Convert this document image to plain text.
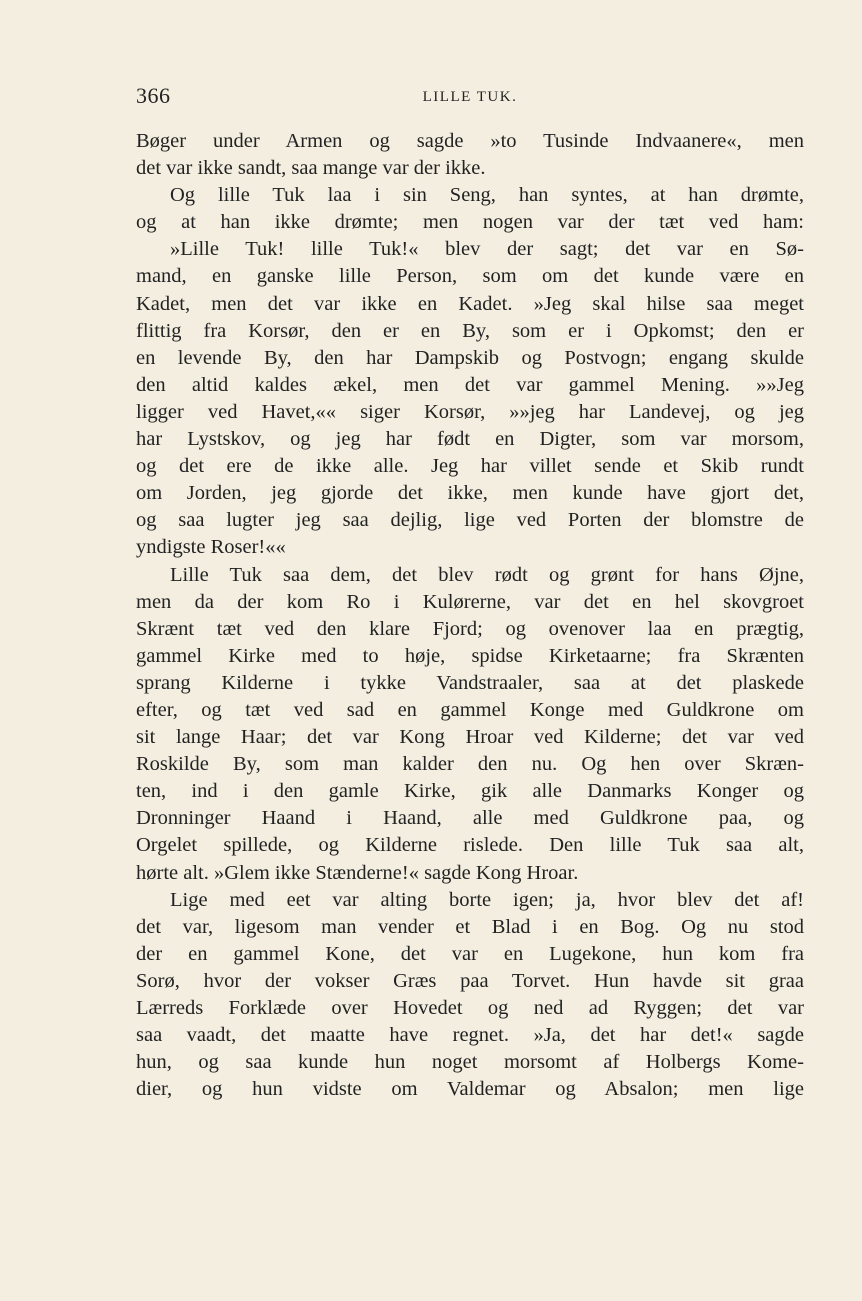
366	LILLE TUK.
Bøger under Armen og sagde »to Tusinde Indvaanere«, men
det var ikke sandt, saa mange var der ikke.
Og lille Tuk laa i sin Seng, han syntes, at han drømte,
og at han ikke drømte; men nogen var der tæt ved ham:
»Lille Tuk! lille Tuk!« blev der sagt; det var en Sø-
mand, en ganske lille Person, som om det kunde være en
Kadet, men det var ikke en Kadet. »Jeg skal hilse saa meget
flittig fra Korsør, den er en By, som er i Opkomst; den er
en levende By, den har Dampskib og Postvogn; engang skulde
den altid kaldes ækel, men det var gammel Mening. »»Jeg
ligger ved Havet,«« siger Korsør, »»jeg har Landevej, og jeg
har Lystskov, og jeg har født en Digter, som var morsom,
og det ere de ikke alle. Jeg har villet sende et Skib rundt
om Jorden, jeg gjorde det ikke, men kunde have gjort det,
og saa lugter jeg saa dejlig, lige ved Porten der blomstre de
yndigste Roser!««
Lille Tuk saa dem, det blev rødt og grønt for hans Øjne,
men da der kom Ro i Kulørerne, var det en hel skovgroet
Skrænt tæt ved den klare Fjord; og ovenover laa en prægtig,
gammel Kirke med to høje, spidse Kirketaarne; fra Skrænten
sprang Kilderne i tykke Vandstraaler, saa at det plaskede
efter, og tæt ved sad en gammel Konge med Guldkrone om
sit lange Haar; det var Kong Hroar ved Kilderne; det var ved
Roskilde By, som man kalder den nu. Og hen over Skræn-
ten, ind i den gamle Kirke, gik alle Danmarks Konger og
Dronninger Haand i Haand, alle med Guldkrone paa, og
Orgelet spillede, og Kilderne rislede. Den lille Tuk saa alt,
hørte alt. »Glem ikke Stænderne!« sagde Kong Hroar.
Lige med eet var alting borte igen; ja, hvor blev det af!
det var, ligesom man vender et Blad i en Bog. Og nu stod
der en gammel Kone, det var en Lugekone, hun kom fra
Sorø, hvor der vokser Græs paa Torvet. Hun havde sit graa
Lærreds Forklæde over Hovedet og ned ad Ryggen; det var
saa vaadt, det maatte have regnet. »Ja, det har det!« sagde
hun, og saa kunde hun noget morsomt af Holbergs Kome-
dier, og hun vidste om Valdemar og Absalon; men lige
